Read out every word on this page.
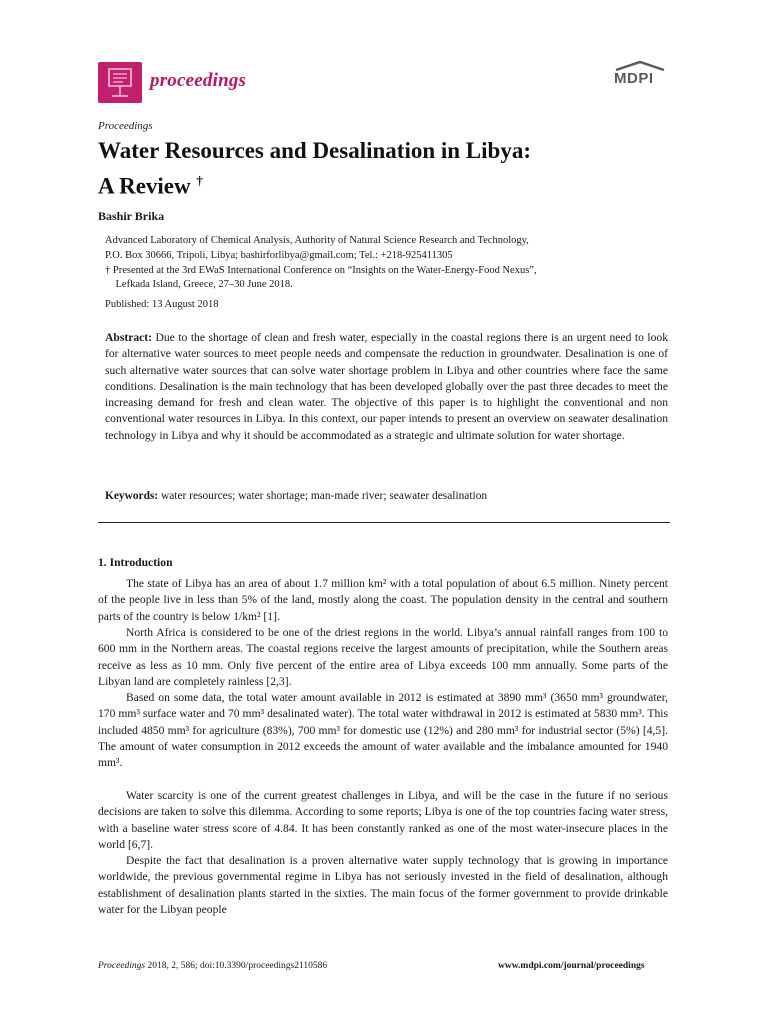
proceedings	MDPI
Proceedings
Water Resources and Desalination in Libya:
A Review †
Bashir Brika
Advanced Laboratory of Chemical Analysis, Authority of Natural Science Research and Technology,
P.O. Box 30666, Tripoli, Libya; bashirforlibya@gmail.com; Tel.: +218-925411305
† Presented at the 3rd EWaS International Conference on “Insights on the Water-Energy-Food Nexus”,
Lefkada Island, Greece, 27–30 June 2018.
Published: 13 August 2018
Abstract: Due to the shortage of clean and fresh water, especially in the coastal regions there is an urgent need to look for alternative water sources to meet people needs and compensate the reduction in groundwater. Desalination is one of such alternative water sources that can solve water shortage problem in Libya and other countries where face the same conditions. Desalination is the main technology that has been developed globally over the past three decades to meet the increasing demand for fresh and clean water. The objective of this paper is to highlight the conventional and non conventional water resources in Libya. In this context, our paper intends to present an overview on seawater desalination technology in Libya and why it should be accommodated as a strategic and ultimate solution for water shortage.
Keywords: water resources; water shortage; man-made river; seawater desalination
1. Introduction
The state of Libya has an area of about 1.7 million km² with a total population of about 6.5 million. Ninety percent of the people live in less than 5% of the land, mostly along the coast. The population density in the central and southern parts of the country is below 1/km² [1].
North Africa is considered to be one of the driest regions in the world. Libya’s annual rainfall ranges from 100 to 600 mm in the Northern areas. The coastal regions receive the largest amounts of precipitation, while the Southern areas receive as less as 10 mm. Only five percent of the entire area of Libya exceeds 100 mm annually. Some parts of the Libyan land are completely rainless [2,3].
Based on some data, the total water amount available in 2012 is estimated at 3890 mm³ (3650 mm³ groundwater, 170 mm³ surface water and 70 mm³ desalinated water). The total water withdrawal in 2012 is estimated at 5830 mm³. This included 4850 mm³ for agriculture (83%), 700 mm³ for domestic use (12%) and 280 mm³ for industrial sector (5%) [4,5]. The amount of water consumption in 2012 exceeds the amount of water available and the imbalance amounted for 1940 mm³.
Water scarcity is one of the current greatest challenges in Libya, and will be the case in the future if no serious decisions are taken to solve this dilemma. According to some reports; Libya is one of the top countries facing water stress, with a baseline water stress score of 4.84. It has been constantly ranked as one of the most water-insecure places in the world [6,7].
Despite the fact that desalination is a proven alternative water supply technology that is growing in importance worldwide, the previous governmental regime in Libya has not seriously invested in the field of desalination, although establishment of desalination plants started in the sixties. The main focus of the former government to provide drinkable water for the Libyan people
Proceedings 2018, 2, 586; doi:10.3390/proceedings2110586	www.mdpi.com/journal/proceedings
